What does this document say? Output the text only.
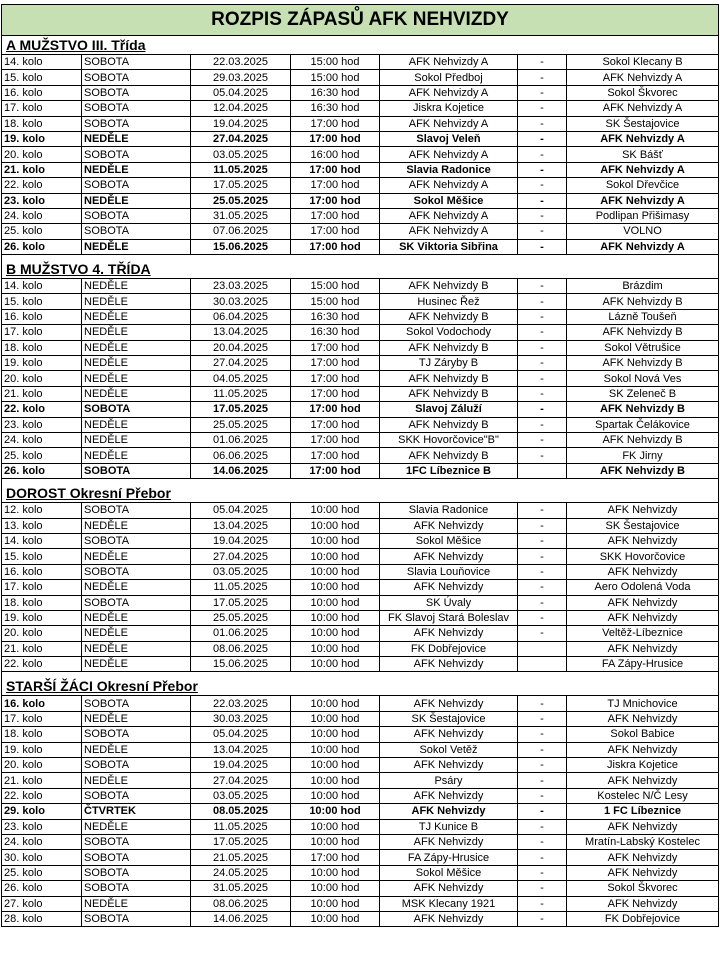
ROZPIS ZÁPASŮ AFK NEHVIZDY
A MUŽSTVO III. Třída
14. kolo	SOBOTA	22.03.2025	15:00 hod	AFK Nehvizdy A	-	Sokol Klecany B
15. kolo	SOBOTA	29.03.2025	15:00 hod	Sokol Předboj	-	AFK Nehvizdy A
16. kolo	SOBOTA	05.04.2025	16:30 hod	AFK Nehvizdy A	-	Sokol Škvorec
17. kolo	SOBOTA	12.04.2025	16:30 hod	Jiskra Kojetice	-	AFK Nehvizdy A
18. kolo	SOBOTA	19.04.2025	17:00 hod	AFK Nehvizdy A	-	SK Šestajovice
19. kolo	NEDĚLE	27.04.2025	17:00 hod	Slavoj Veleň	-	AFK Nehvizdy A
20. kolo	SOBOTA	03.05.2025	16:00 hod	AFK Nehvizdy A	-	SK Bášť
21. kolo	NEDĚLE	11.05.2025	17:00 hod	Slavia Radonice	-	AFK Nehvizdy A
22. kolo	SOBOTA	17.05.2025	17:00 hod	AFK Nehvizdy A	-	Sokol Dřevčice
23. kolo	NEDĚLE	25.05.2025	17:00 hod	Sokol Měšice	-	AFK Nehvizdy A
24. kolo	SOBOTA	31.05.2025	17:00 hod	AFK Nehvizdy A	-	Podlipan Přišimasy
25. kolo	SOBOTA	07.06.2025	17:00 hod	AFK Nehvizdy A	-	VOLNO
26. kolo	NEDĚLE	15.06.2025	17:00 hod	SK Viktoria Sibřina	-	AFK Nehvizdy A
B MUŽSTVO 4. TŘÍDA
14. kolo	NEDĚLE	23.03.2025	15:00 hod	AFK Nehvizdy B	-	Brázdim
15. kolo	NEDĚLE	30.03.2025	15:00 hod	Husinec Řež	-	AFK Nehvizdy B
16. kolo	NEDĚLE	06.04.2025	16:30 hod	AFK Nehvizdy B	-	Lázně Toušeň
17. kolo	NEDĚLE	13.04.2025	16:30 hod	Sokol Vodochody	-	AFK Nehvizdy B
18. kolo	NEDĚLE	20.04.2025	17:00 hod	AFK Nehvizdy B	-	Sokol Větrušice
19. kolo	NEDĚLE	27.04.2025	17:00 hod	TJ Záryby B	-	AFK Nehvizdy B
20. kolo	NEDĚLE	04.05.2025	17:00 hod	AFK Nehvizdy B	-	Sokol Nová Ves
21. kolo	NEDĚLE	11.05.2025	17:00 hod	AFK Nehvizdy B	-	SK Zeleneč B
22. kolo	SOBOTA	17.05.2025	17:00 hod	Slavoj Záluží	-	AFK Nehvizdy B
23. kolo	NEDĚLE	25.05.2025	17:00 hod	AFK Nehvizdy B	-	Spartak Čelákovice
24. kolo	NEDĚLE	01.06.2025	17:00 hod	SKK Hovorčovice"B"	-	AFK Nehvizdy B
25. kolo	NEDĚLE	06.06.2025	17:00 hod	AFK Nehvizdy B	-	FK Jirny
26. kolo	SOBOTA	14.06.2025	17:00 hod	1FC Líbeznice B		AFK Nehvizdy B
DOROST Okresní Přebor
12. kolo	SOBOTA	05.04.2025	10:00 hod	Slavia Radonice	-	AFK Nehvizdy
13. kolo	NEDĚLE	13.04.2025	10:00 hod	AFK Nehvizdy	-	SK Šestajovice
14. kolo	SOBOTA	19.04.2025	10:00 hod	Sokol Měšice	-	AFK Nehvizdy
15. kolo	NEDĚLE	27.04.2025	10:00 hod	AFK Nehvizdy	-	SKK Hovorčovice
16. kolo	SOBOTA	03.05.2025	10:00 hod	Slavia Louňovice	-	AFK Nehvizdy
17. kolo	NEDĚLE	11.05.2025	10:00 hod	AFK Nehvizdy	-	Aero Odolená Voda
18. kolo	SOBOTA	17.05.2025	10:00 hod	SK Úvaly	-	AFK Nehvizdy
19. kolo	NEDĚLE	25.05.2025	10:00 hod	FK Slavoj Stará Boleslav	-	AFK Nehvizdy
20. kolo	NEDĚLE	01.06.2025	10:00 hod	AFK Nehvizdy	-	Veltěž-Líbeznice
21. kolo	NEDĚLE	08.06.2025	10:00 hod	FK Dobřejovice		AFK Nehvizdy
22. kolo	NEDĚLE	15.06.2025	10:00 hod	AFK Nehvizdy		FA Zápy-Hrusice
STARŠÍ ŽÁCI Okresní Přebor
16. kolo	SOBOTA	22.03.2025	10:00 hod	AFK Nehvizdy	-	TJ Mnichovice
17. kolo	NEDĚLE	30.03.2025	10:00 hod	SK Šestajovice	-	AFK Nehvizdy
18. kolo	SOBOTA	05.04.2025	10:00 hod	AFK Nehvizdy	-	Sokol Babice
19. kolo	NEDĚLE	13.04.2025	10:00 hod	Sokol Vetěž	-	AFK Nehvizdy
20. kolo	SOBOTA	19.04.2025	10:00 hod	AFK Nehvizdy	-	Jiskra Kojetice
21. kolo	NEDĚLE	27.04.2025	10:00 hod	Psáry	-	AFK Nehvizdy
22. kolo	SOBOTA	03.05.2025	10:00 hod	AFK Nehvizdy	-	Kostelec N/Č Lesy
29. kolo	ČTVRTEK	08.05.2025	10:00 hod	AFK Nehvizdy	-	1 FC Líbeznice
23. kolo	NEDĚLE	11.05.2025	10:00 hod	TJ Kunice B	-	AFK Nehvizdy
24. kolo	SOBOTA	17.05.2025	10:00 hod	AFK Nehvizdy	-	Mratín-Labský Kostelec
30. kolo	SOBOTA	21.05.2025	17:00 hod	FA Zápy-Hrusice	-	AFK Nehvizdy
25. kolo	SOBOTA	24.05.2025	10:00 hod	Sokol Měšice	-	AFK Nehvizdy
26. kolo	SOBOTA	31.05.2025	10:00 hod	AFK Nehvizdy	-	Sokol Škvorec
27. kolo	NEDĚLE	08.06.2025	10:00 hod	MSK Klecany 1921	-	AFK Nehvizdy
28. kolo	SOBOTA	14.06.2025	10:00 hod	AFK Nehvizdy	-	FK Dobřejovice
